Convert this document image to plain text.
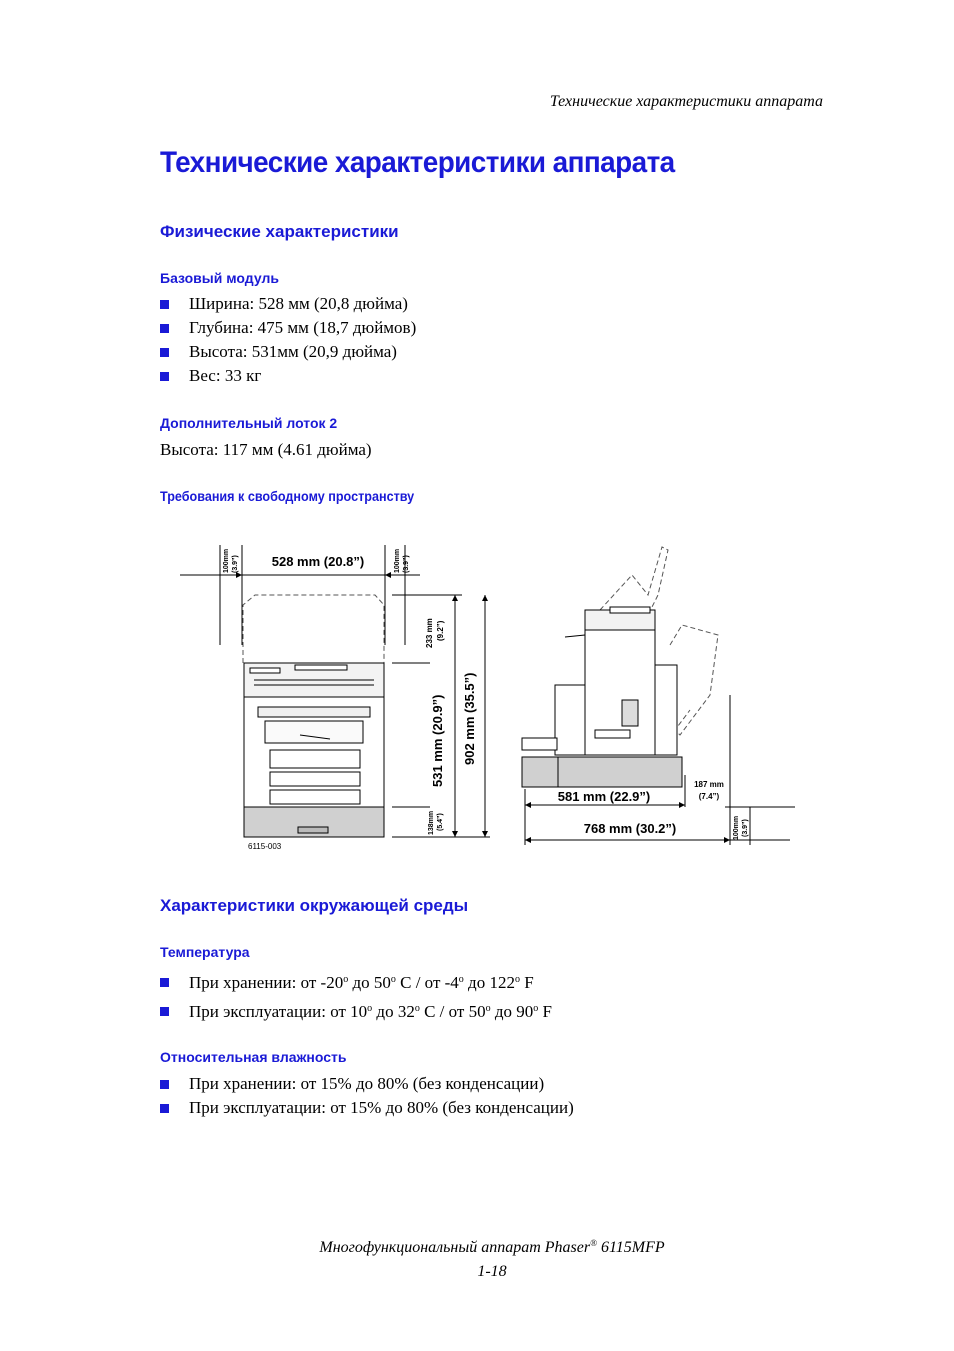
Технические характеристики аппарата
Технические характеристики аппарата
Физические характеристики
Базовый модуль
Ширина: 528 мм (20,8 дюйма)
Глубина: 475 мм (18,7 дюймов)
Высота: 531мм (20,9 дюйма)
Вес: 33 кг
Дополнительный лоток 2
Высота: 117 мм (4.61 дюйма)
Требования к свободному пространству
528 mm (20.8”)
100mm (3.9”)	100mm (3.9”)
233 mm (9.2”)
531 mm (20.9”) 902 mm (35.5”)
138mm (5.4”)
6115-003
581 mm (22.9”)
187 mm
(7.4”)
768 mm (30.2”)	100mm (3.9”)
Характеристики окружающей среды
Температура
При хранении: от -20$^o$ до 50$^o$ C / от -4$^o$ до 122$^o$ F
При эксплуатации: от 10$^o$ до 32$^o$ C / от 50$^o$ до 90$^o$ F
Относительная влажность
При хранении: от 15% до 80% (без конденсации)
При эксплуатации: от 15% до 80% (без конденсации)
Многофункциональный аппарат Phaser® 6115MFP
1-18
